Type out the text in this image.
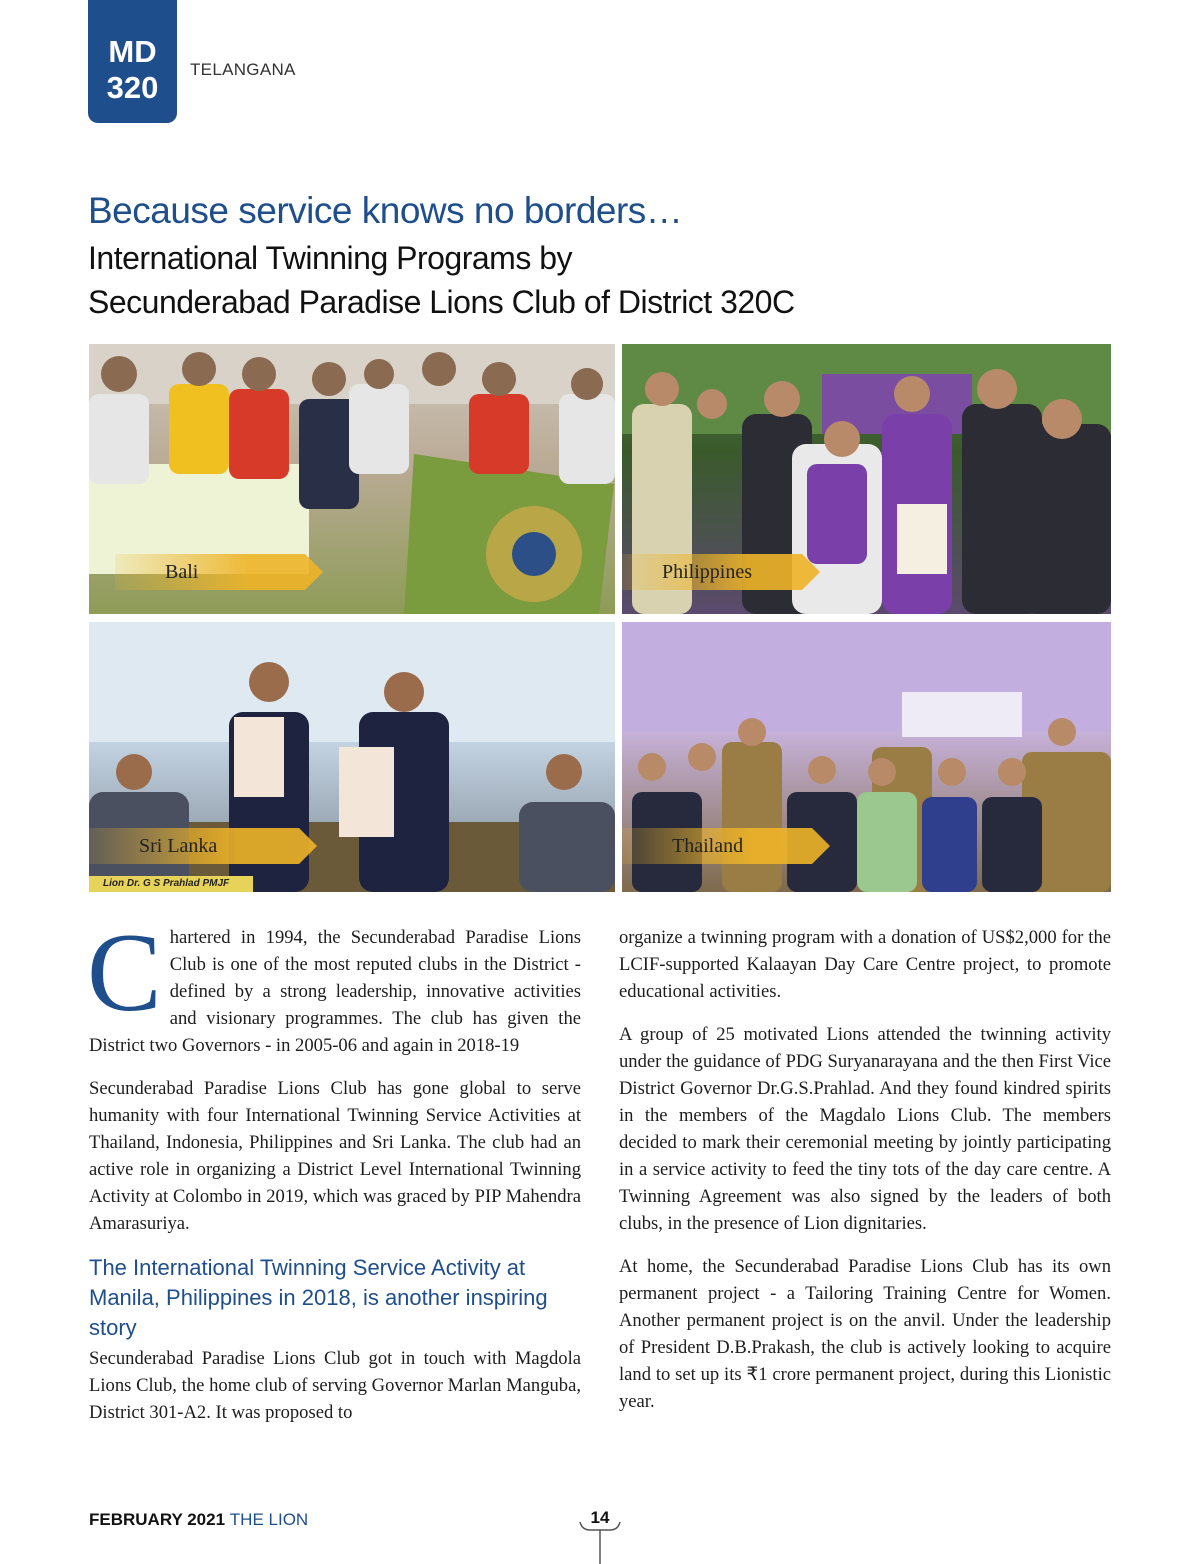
MD
320
TELANGANA
Because service knows no borders…
International Twinning Programs by
Secunderabad Paradise Lions Club of District 320C
Bali	Philippines
Sri Lanka
Lion Dr. G S Prahlad PMJF
Thailand

Chartered in 1994, the Secunderabad Paradise Lions Club is one of the most reputed clubs in the District - defined by a strong leadership, innovative activities and visionary programmes. The club has given the District two Governors - in 2005-06 and again in 2018-19

Secunderabad Paradise Lions Club has gone global to serve humanity with four International Twinning Service Activities at Thailand, Indonesia, Philippines and Sri Lanka. The club had an active role in organizing a District Level International Twinning Activity at Colombo in 2019, which was graced by PIP Mahendra Amarasuriya.

The International Twinning Service Activity at Manila, Philippines in 2018, is another inspiring story

Secunderabad Paradise Lions Club got in touch with Magdola Lions Club, the home club of serving Governor Marlan Manguba, District 301-A2. It was proposed to

organize a twinning program with a donation of US$2,000 for the LCIF-supported Kalaayan Day Care Centre project, to promote educational activities.

A group of 25 motivated Lions attended the twinning activity under the guidance of PDG Suryanarayana and the then First Vice District Governor Dr.G.S.Prahlad. And they found kindred spirits in the members of the Magdalo Lions Club. The members decided to mark their ceremonial meeting by jointly participating in a service activity to feed the tiny tots of the day care centre. A Twinning Agreement was also signed by the leaders of both clubs, in the presence of Lion dignitaries.

At home, the Secunderabad Paradise Lions Club has its own permanent project - a Tailoring Training Centre for Women. Another permanent project is on the anvil. Under the leadership of President D.B.Prakash, the club is actively looking to acquire land to set up its ₹1 crore permanent project, during this Lionistic year.

FEBRUARY 2021 THE LION	14
